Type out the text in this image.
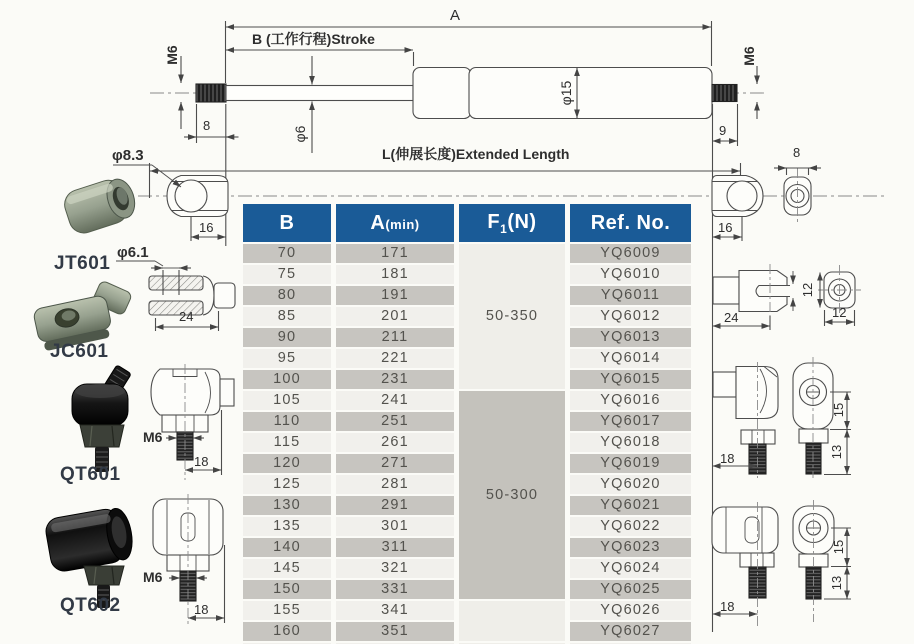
A
B (工作行程)Stroke
M6
8
φ6
φ15
M6
9
L(伸展长度)Extended Length
φ8.3
16	16
8
JT601
φ6.1
24
JC601
M6
18
QT601
M6
18
QT602
24
12
12
15
13
18
15
13
18
B	A(min)	$F_1(N)$	Ref. No.
70	171	50-350	YQ6009
75	181		YQ6010
80	191		YQ6011
85	201		YQ6012
90	211		YQ6013
95	221		YQ6014
100	231		YQ6015
105	241	50-300	YQ6016
110	251		YQ6017
115	261		YQ6018
120	271		YQ6019
125	281		YQ6020
130	291		YQ6021
135	301		YQ6022
140	311		YQ6023
145	321		YQ6024
150	331		YQ6025
155	341		YQ6026
160	351		YQ6027
